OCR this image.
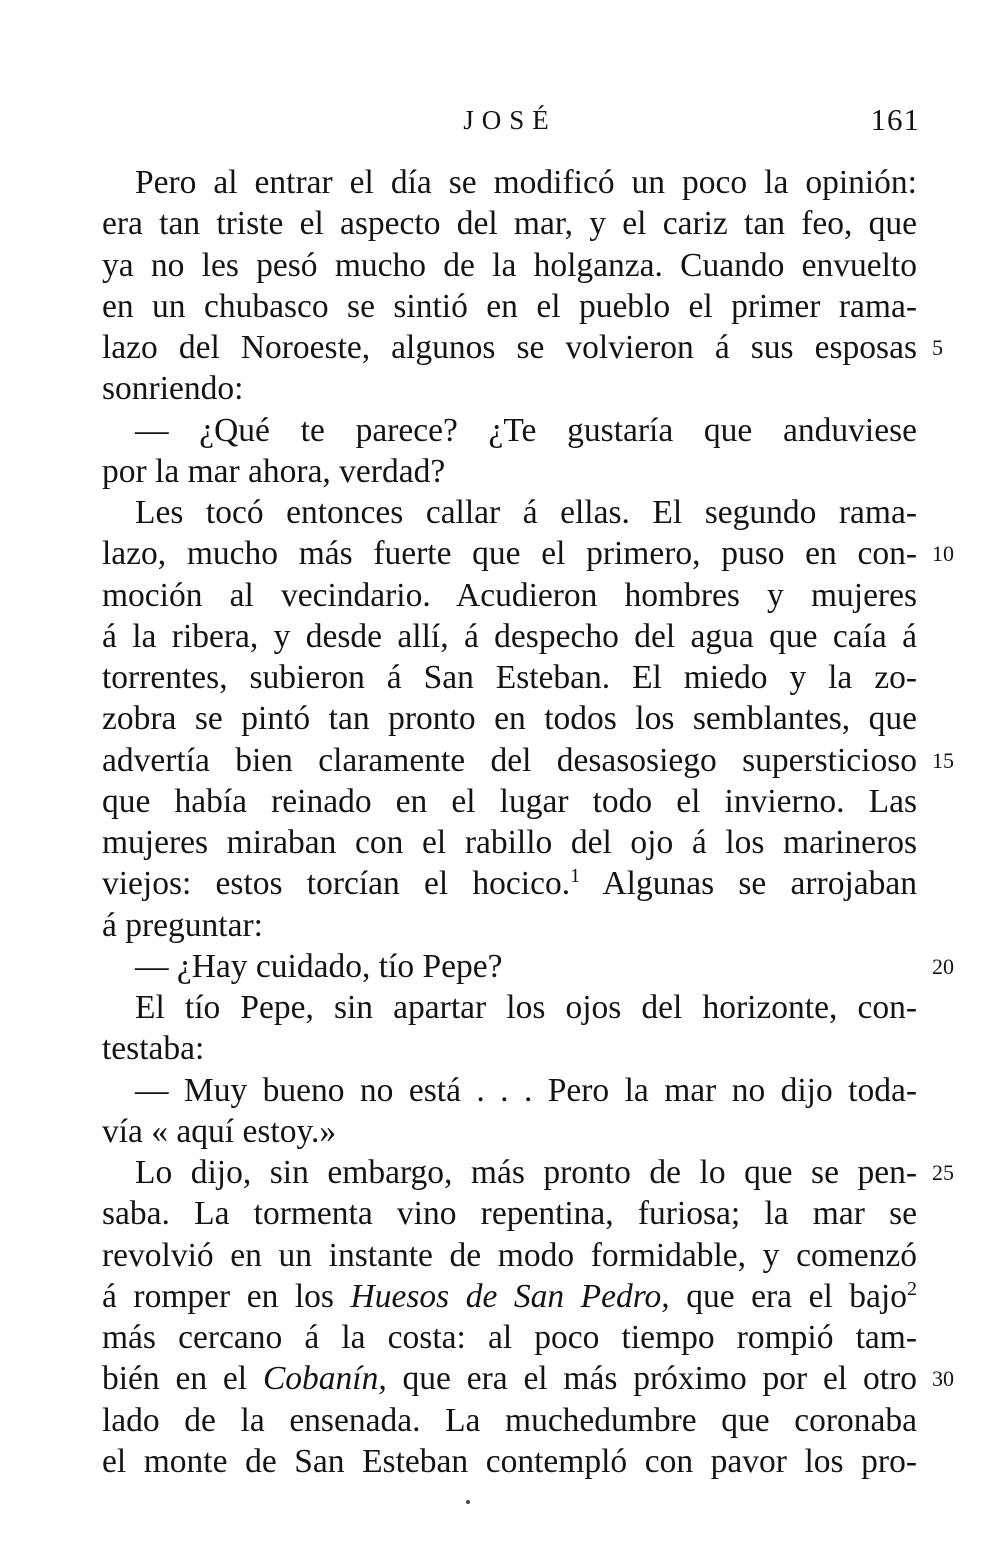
JOSÉ	161
Pero al entrar el día se modificó un poco la opinión:
era tan triste el aspecto del mar, y el cariz tan feo, que
ya no les pesó mucho de la holganza. Cuando envuelto
en un chubasco se sintió en el pueblo el primer rama-
lazo del Noroeste, algunos se volvieron á sus esposas 5
sonriendo:
— ¿Qué te parece? ¿Te gustaría que anduviese
por la mar ahora, verdad?
Les tocó entonces callar á ellas. El segundo rama-
lazo, mucho más fuerte que el primero, puso en con- 10
moción al vecindario. Acudieron hombres y mujeres
á la ribera, y desde allí, á despecho del agua que caía á
torrentes, subieron á San Esteban. El miedo y la zo-
zobra se pintó tan pronto en todos los semblantes, que
advertía bien claramente del desasosiego supersticioso 15
que había reinado en el lugar todo el invierno. Las
mujeres miraban con el rabillo del ojo á los marineros
viejos: estos torcían el hocico.$^1$ Algunas se arrojaban
á preguntar:
— ¿Hay cuidado, tío Pepe?	20
El tío Pepe, sin apartar los ojos del horizonte, con-
testaba:
— Muy bueno no está . . . Pero la mar no dijo toda-
vía « aquí estoy.»
Lo dijo, sin embargo, más pronto de lo que se pen- 25
saba. La tormenta vino repentina, furiosa; la mar se
revolvió en un instante de modo formidable, y comenzó
á romper en los Huesos de San Pedro, que era el bajo$^2$
más cercano á la costa: al poco tiempo rompió tam-
bién en el Cobanín, que era el más próximo por el otro 30
lado de la ensenada. La muchedumbre que coronaba
el monte de San Esteban contempló con pavor los pro-
